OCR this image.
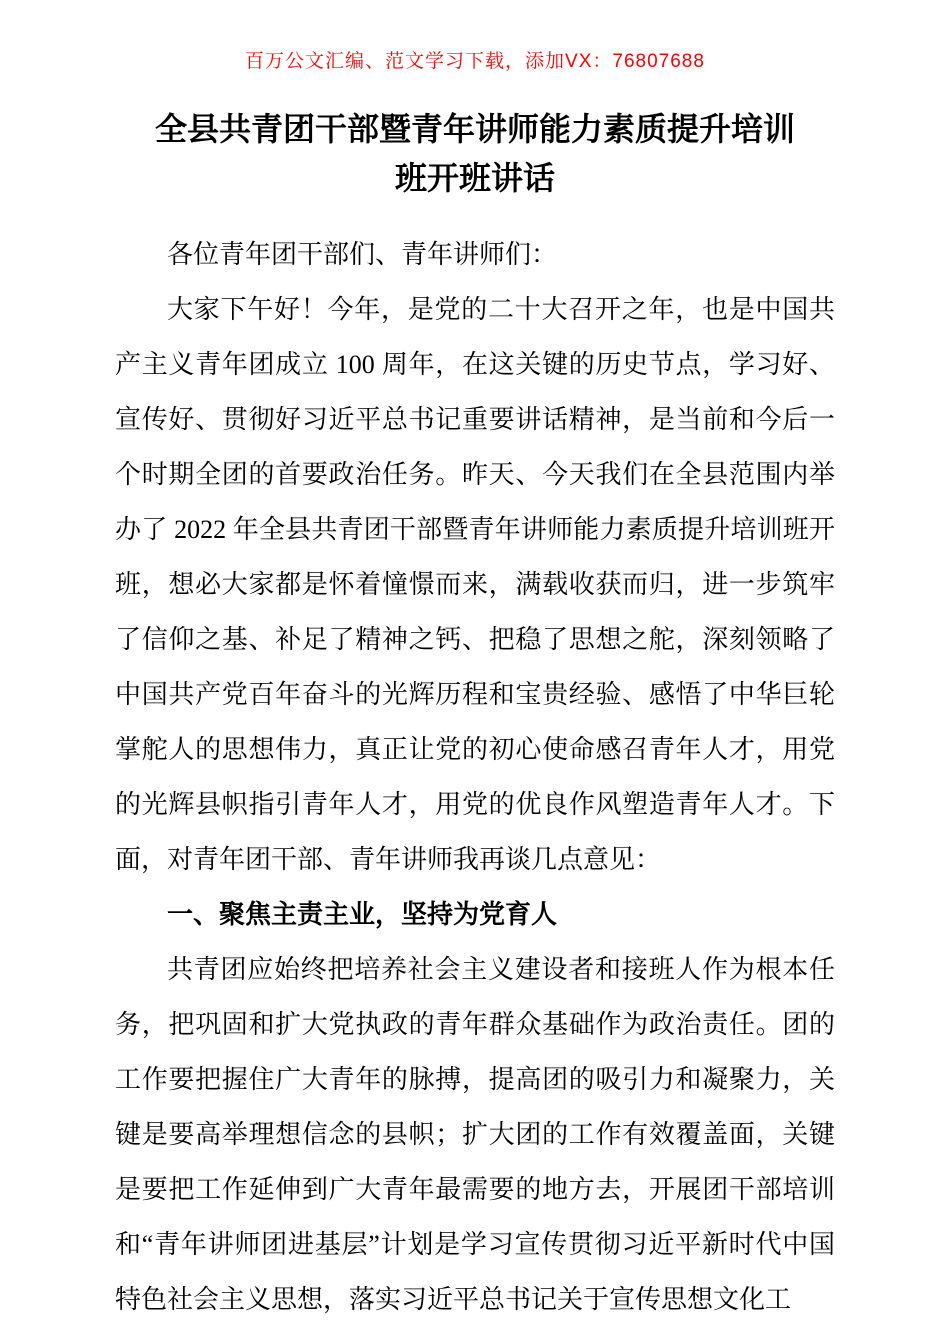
百万公文汇编、范文学习下载，添加VX：76807688
全县共青团干部暨青年讲师能力素质提升培训班开班讲话

各位青年团干部们、青年讲师们：

大家下午好！今年，是党的二十大召开之年，也是中国共产主义青年团成立 100 周年，在这关键的历史节点，学习好、宣传好、贯彻好习近平总书记重要讲话精神，是当前和今后一个时期全团的首要政治任务。昨天、今天我们在全县范围内举办了 2022 年全县共青团干部暨青年讲师能力素质提升培训班开班，想必大家都是怀着憧憬而来，满载收获而归，进一步筑牢了信仰之基、补足了精神之钙、把稳了思想之舵，深刻领略了中国共产党百年奋斗的光辉历程和宝贵经验、感悟了中华巨轮掌舵人的思想伟力，真正让党的初心使命感召青年人才，用党的光辉县帜指引青年人才，用党的优良作风塑造青年人才。下面，对青年团干部、青年讲师我再谈几点意见：

一、聚焦主责主业，坚持为党育人

共青团应始终把培养社会主义建设者和接班人作为根本任务，把巩固和扩大党执政的青年群众基础作为政治责任。团的工作要把握住广大青年的脉搏，提高团的吸引力和凝聚力，关键是要高举理想信念的县帜；扩大团的工作有效覆盖面，关键是要把工作延伸到广大青年最需要的地方去，开展团干部培训和“青年讲师团进基层”计划是学习宣传贯彻习近平新时代中国特色社会主义思想，落实习近平总书记关于宣传思想文化工
